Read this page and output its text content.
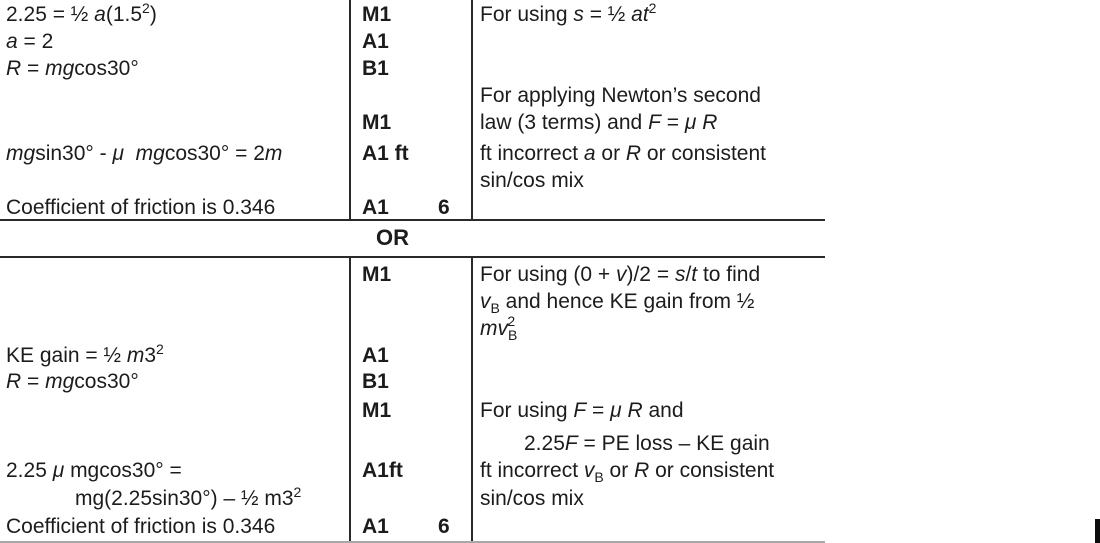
OR
2.25 = ½ $a(1.5^2)$
a = 2
R = mgcos30°
mgsin30° - μ mgcos30° = 2m
Coefficient of friction is 0.346
M1
A1
B1
M1
A1 ft
A1 6
For using s = ½ $at^2$
For applying Newton’s second
law (3 terms) and F = μ R
ft incorrect a or R or consistent
sin/cos mix
KE gain = ½ $m3^2$
R = mgcos30°
2.25 μ mgcos30° =
mg(2.25sin30°) – ½ $m3^2$
Coefficient of friction is 0.346
M1
A1
B1
M1
A1ft
A1 6
For using (0 + v)/2 = s/t to find
$v_B$ and hence KE gain from ½
$mv_B^2$
For using F = μ R and
2.25F = PE loss – KE gain
ft incorrect $v_B$ or R or consistent
sin/cos mix
